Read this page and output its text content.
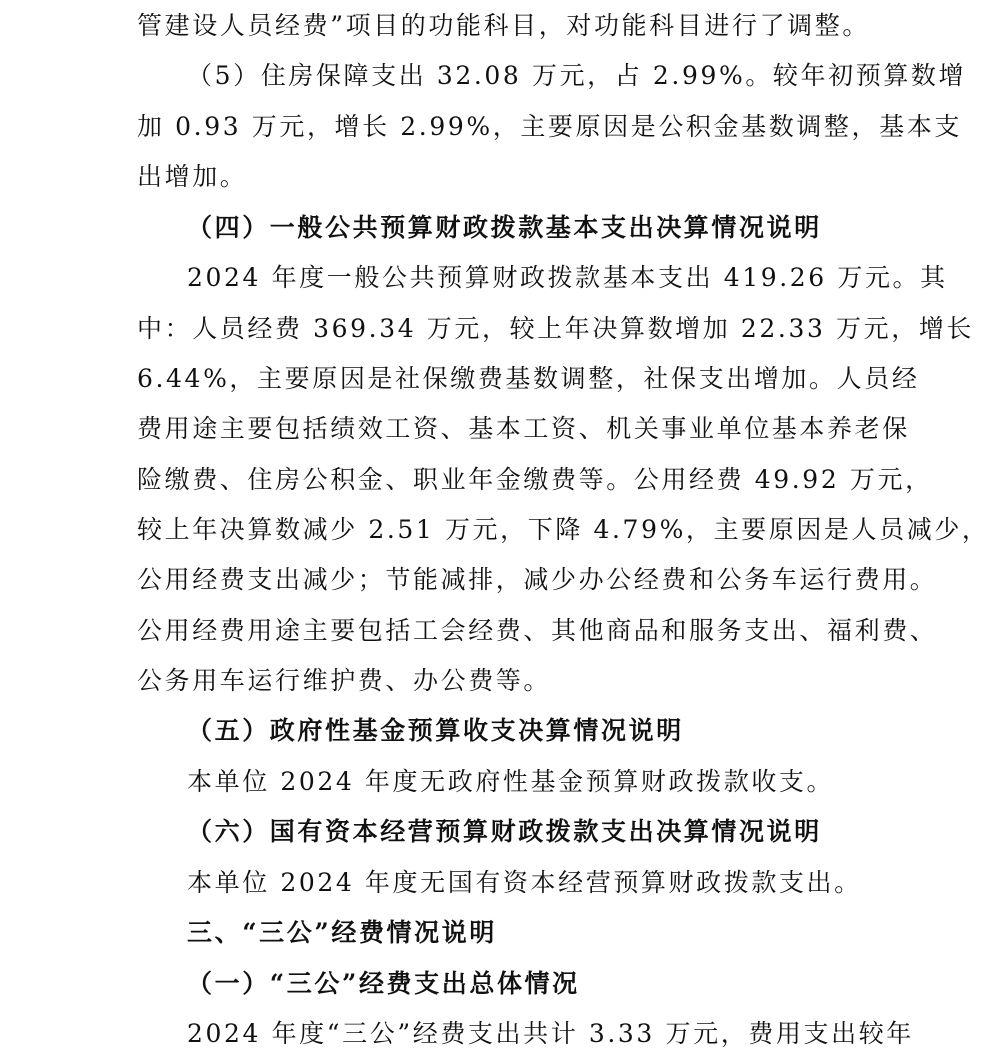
管建设人员经费”项目的功能科目，对功能科目进行了调整。
（5）住房保障支出 32.08 万元，占 2.99%。较年初预算数增
加 0.93 万元，增长 2.99%，主要原因是公积金基数调整，基本支
出增加。
（四）一般公共预算财政拨款基本支出决算情况说明
2024 年度一般公共预算财政拨款基本支出 419.26 万元。其
中：人员经费 369.34 万元，较上年决算数增加 22.33 万元，增长
6.44%，主要原因是社保缴费基数调整，社保支出增加。人员经
费用途主要包括绩效工资、基本工资、机关事业单位基本养老保
险缴费、住房公积金、职业年金缴费等。公用经费 49.92 万元，
较上年决算数减少 2.51 万元，下降 4.79%，主要原因是人员减少，
公用经费支出减少；节能减排，减少办公经费和公务车运行费用。
公用经费用途主要包括工会经费、其他商品和服务支出、福利费、
公务用车运行维护费、办公费等。
（五）政府性基金预算收支决算情况说明
本单位 2024 年度无政府性基金预算财政拨款收支。
（六）国有资本经营预算财政拨款支出决算情况说明
本单位 2024 年度无国有资本经营预算财政拨款支出。
三、“三公”经费情况说明
（一）“三公”经费支出总体情况
2024 年度“三公”经费支出共计 3.33 万元，费用支出较年
